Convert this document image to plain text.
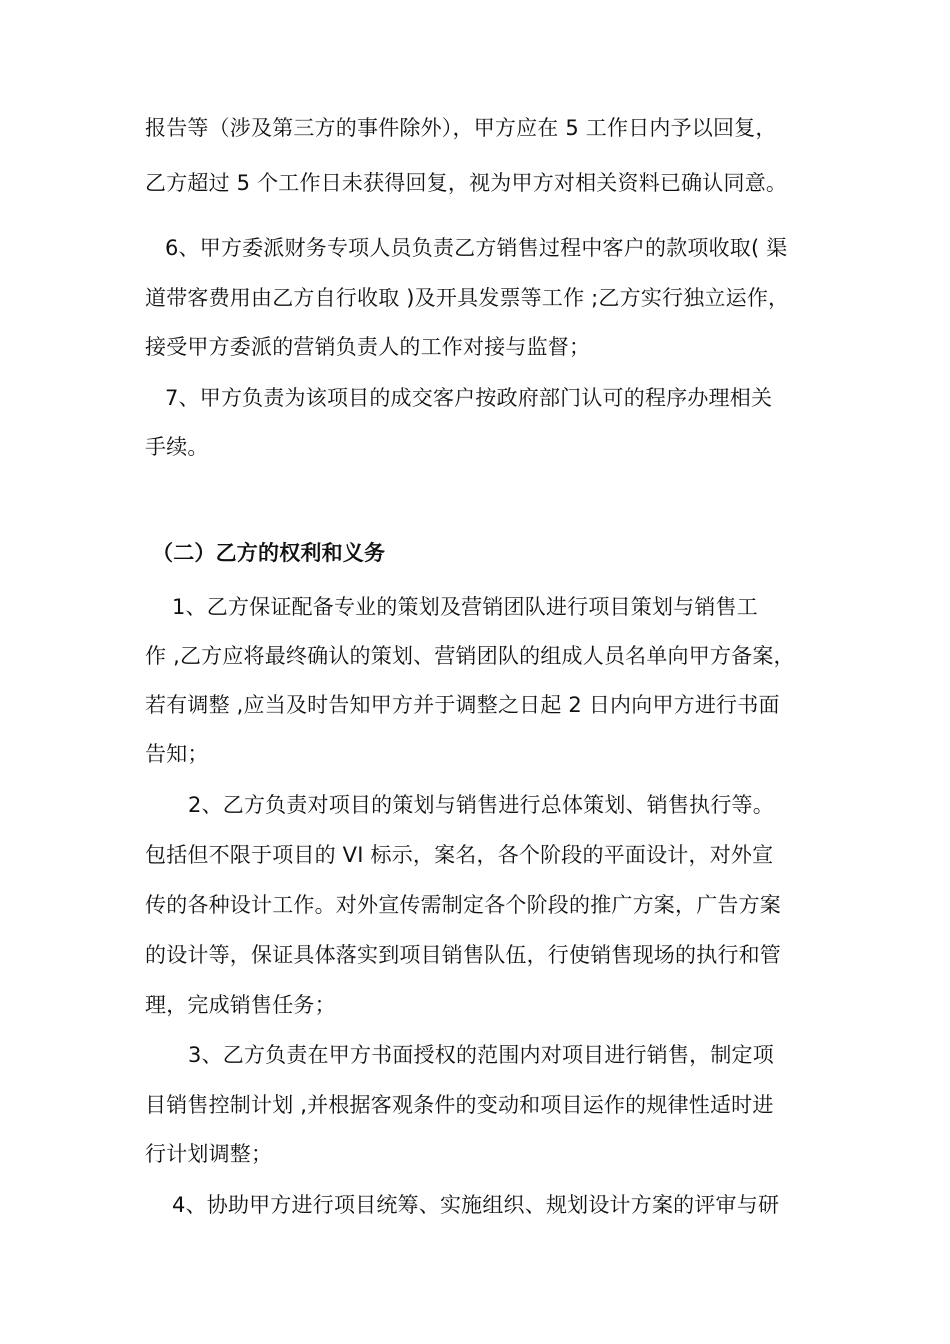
报告等（涉及第三方的事件除外），甲方应在 5 工作日内予以回复，
乙方超过 5 个工作日未获得回复，视为甲方对相关资料已确认同意。
6、甲方委派财务专项人员负责乙方销售过程中客户的款项收取( 渠
道带客费用由乙方自行收取 )及开具发票等工作 ;乙方实行独立运作，
接受甲方委派的营销负责人的工作对接与监督；
7、甲方负责为该项目的成交客户按政府部门认可的程序办理相关
手续。
（二）乙方的权利和义务
1、乙方保证配备专业的策划及营销团队进行项目策划与销售工
作 ,乙方应将最终确认的策划、营销团队的组成人员名单向甲方备案，
若有调整 ,应当及时告知甲方并于调整之日起 2 日内向甲方进行书面
告知；
2、乙方负责对项目的策划与销售进行总体策划、销售执行等。
包括但不限于项目的 VI 标示，案名，各个阶段的平面设计，对外宣
传的各种设计工作。对外宣传需制定各个阶段的推广方案，广告方案
的设计等，保证具体落实到项目销售队伍，行使销售现场的执行和管
理，完成销售任务；
3、乙方负责在甲方书面授权的范围内对项目进行销售，制定项
目销售控制计划 ,并根据客观条件的变动和项目运作的规律性适时进
行计划调整；
4、协助甲方进行项目统筹、实施组织、规划设计方案的评审与研
